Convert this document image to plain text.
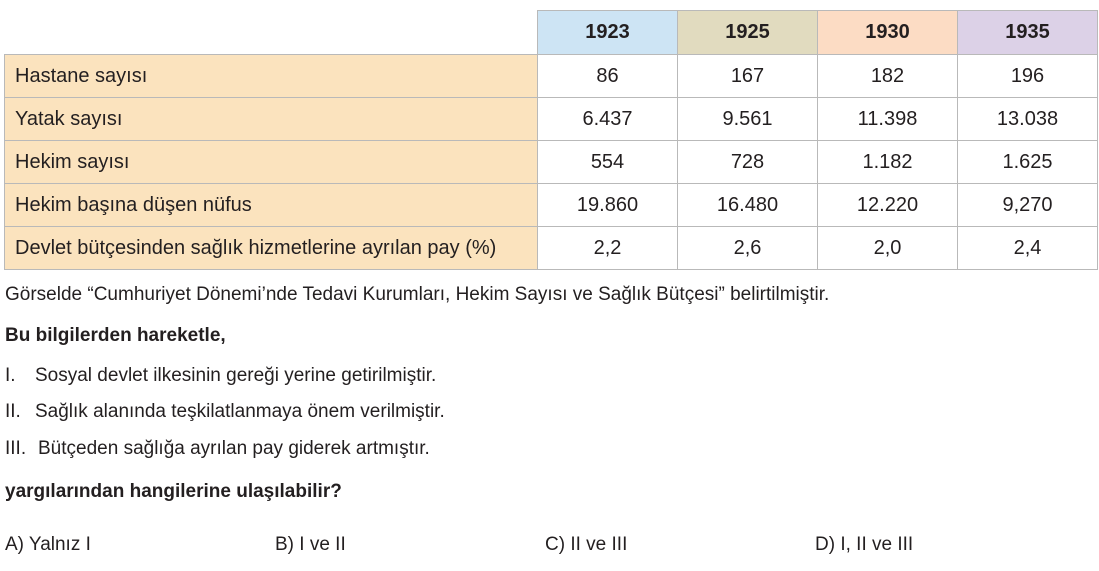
	1923	1925	1930	1935
Hastane sayısı	86	167	182	196
Yatak sayısı	6.437	9.561	11.398	13.038
Hekim sayısı	554	728	1.182	1.625
Hekim başına düşen nüfus	19.860	16.480	12.220	9,270
Devlet bütçesinden sağlık hizmetlerine ayrılan pay (%)	2,2	2,6	2,0	2,4
Görselde “Cumhuriyet Dönemi’nde Tedavi Kurumları, Hekim Sayısı ve Sağlık Bütçesi” belirtilmiştir.
Bu bilgilerden hareketle,
I. Sosyal devlet ilkesinin gereği yerine getirilmiştir.
II. Sağlık alanında teşkilatlanmaya önem verilmiştir.
III. Bütçeden sağlığa ayrılan pay giderek artmıştır.
yargılarından hangilerine ulaşılabilir?
A) Yalnız I	B) I ve II	C) II ve III	D) I, II ve III
